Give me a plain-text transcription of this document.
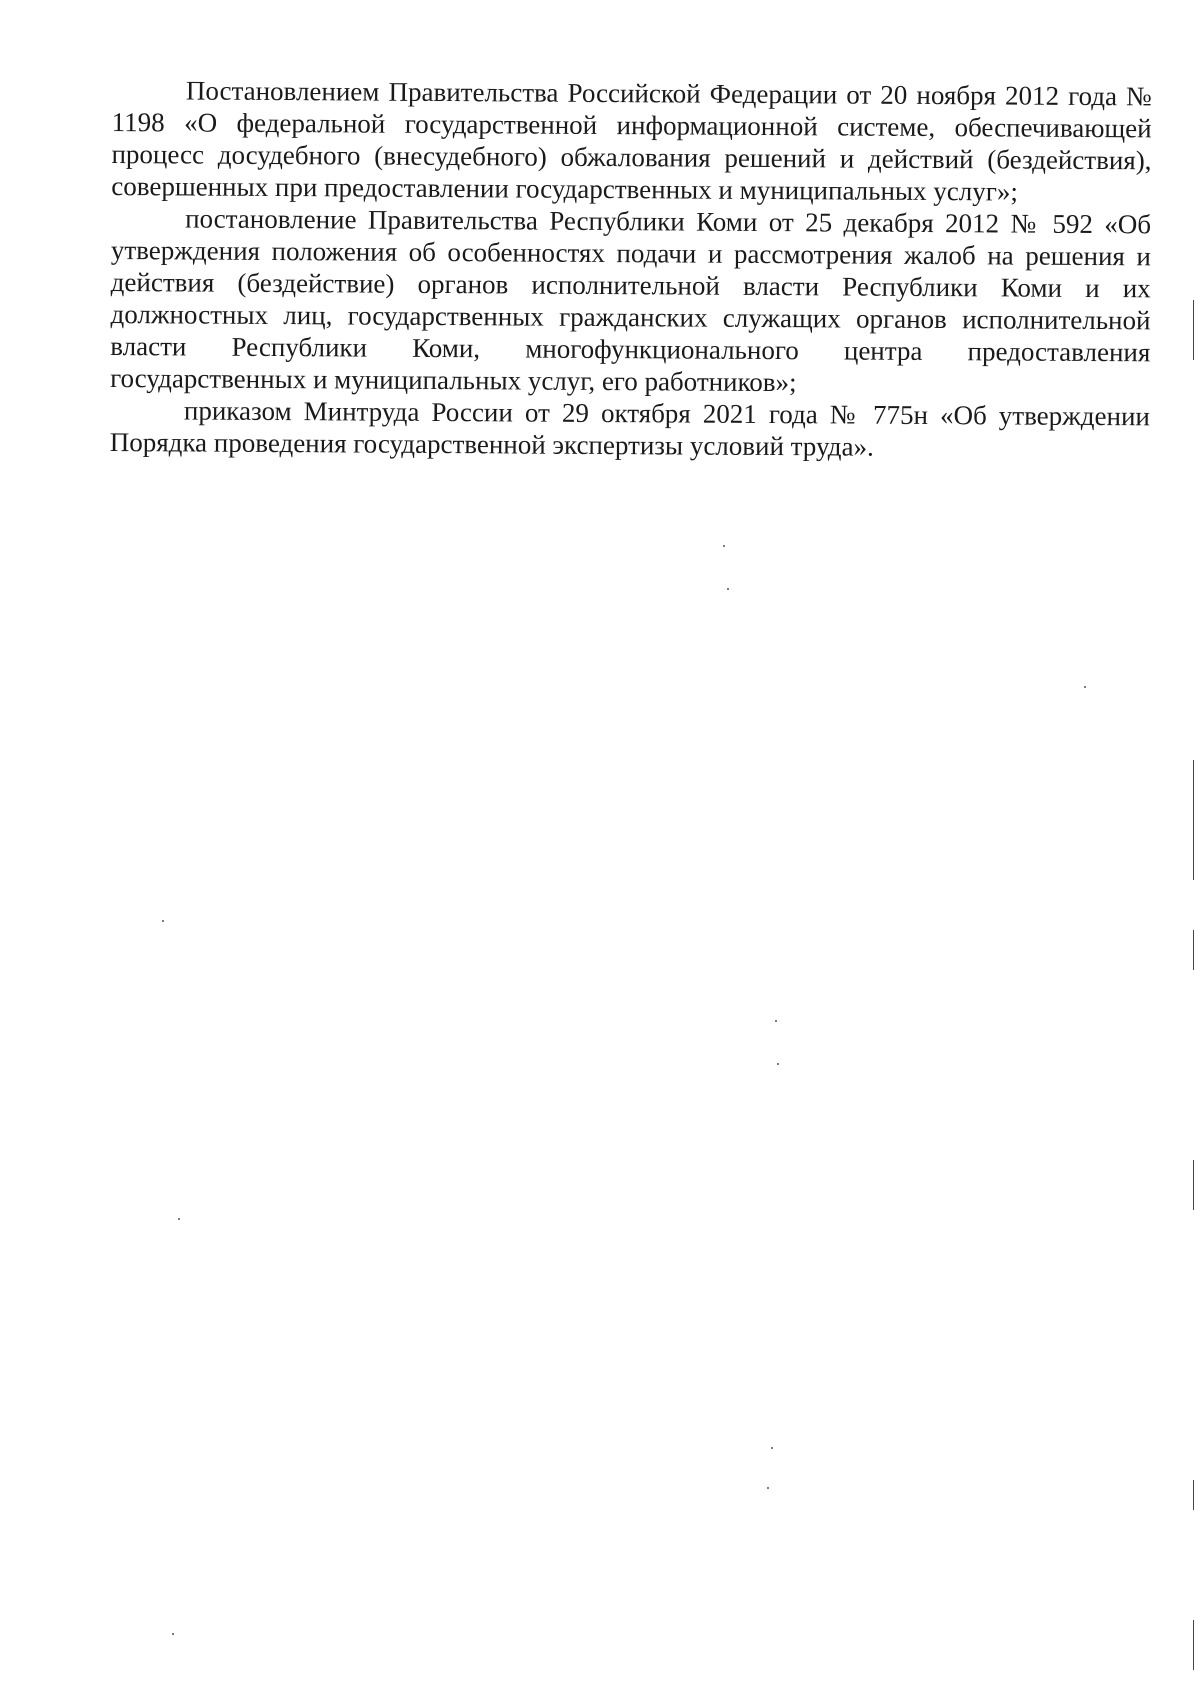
Постановлением Правительства Российской Федерации от 20 ноября 2012 года № 1198 «О федеральной государственной информационной системе, обеспечивающей процесс досудебного (внесудебного) обжалования решений и действий (бездействия), совершенных при предоставлении государственных и муниципальных услуг»;

постановление Правительства Республики Коми от 25 декабря 2012 № 592 «Об утверждения положения об особенностях подачи и рассмотрения жалоб на решения и действия (бездействие) органов исполнительной власти Республики Коми и их должностных лиц, государственных гражданских служащих органов исполнительной власти Республики Коми, многофункционального центра предоставления государственных и муниципальных услуг, его работников»;

приказом Минтруда России от 29 октября 2021 года № 775н «Об утверждении Порядка проведения государственной экспертизы условий труда».
